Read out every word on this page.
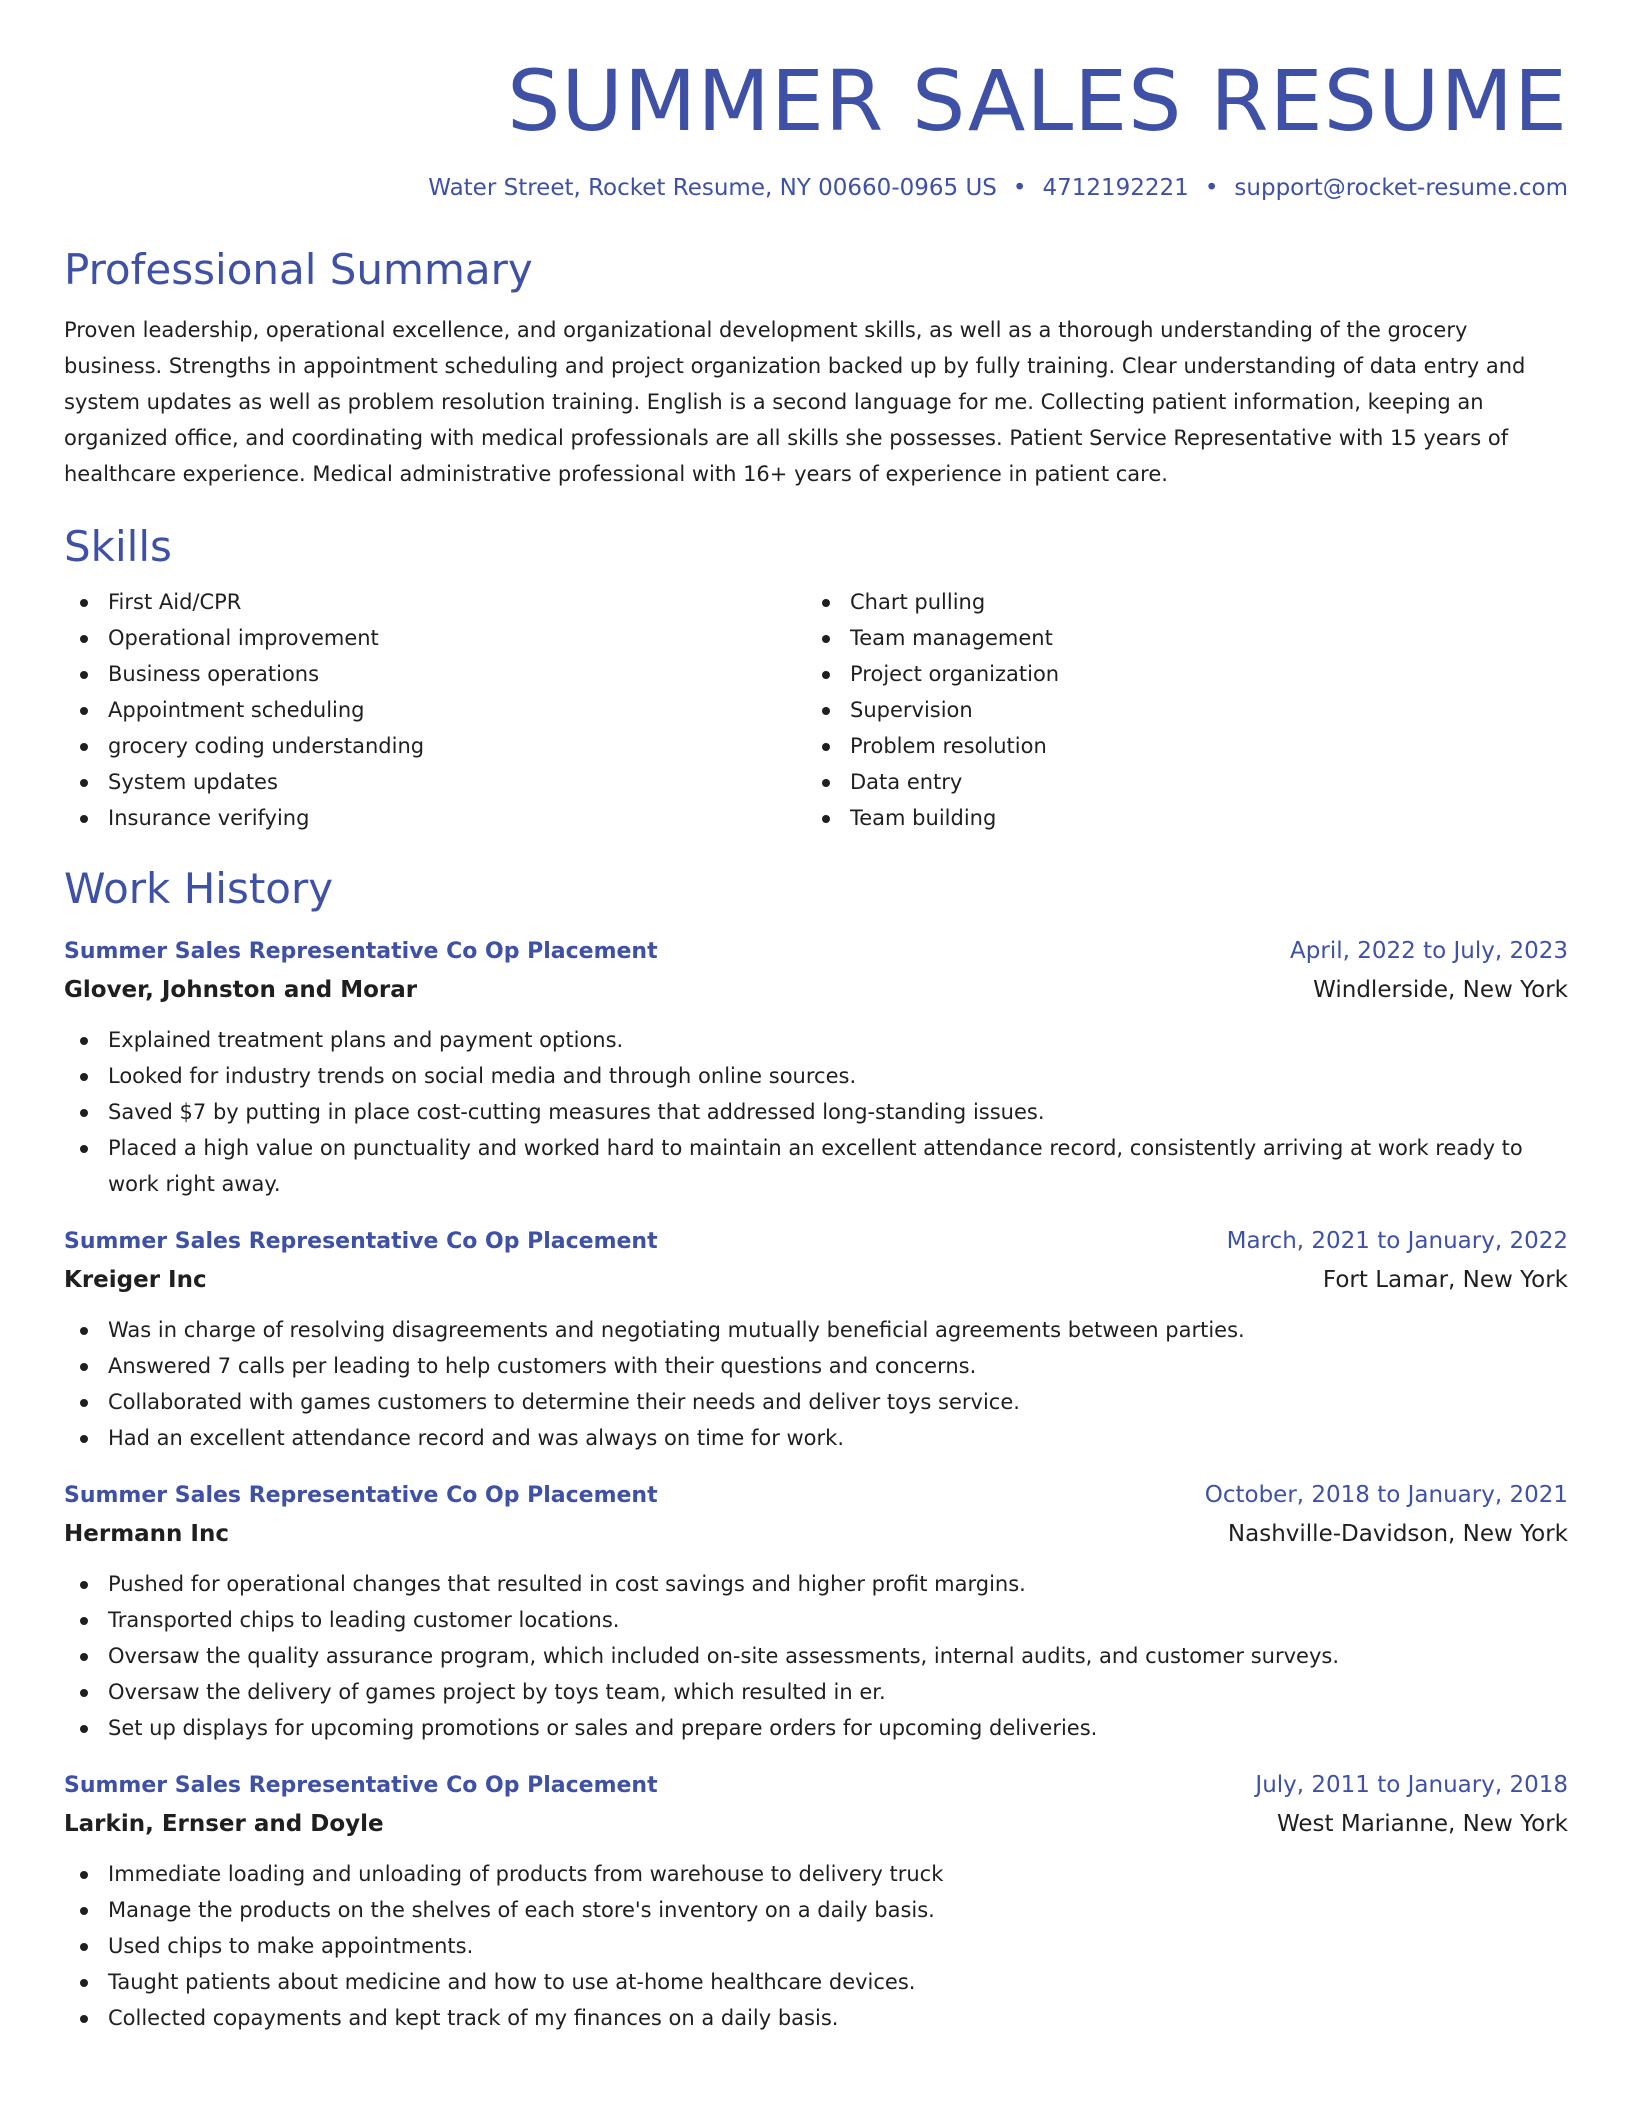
SUMMER SALES RESUME
Water Street, Rocket Resume, NY 00660-0965 US • 4712192221 • support@rocket-resume.com
Professional Summary
Proven leadership, operational excellence, and organizational development skills, as well as a thorough understanding of the grocery business. Strengths in appointment scheduling and project organization backed up by fully training. Clear understanding of data entry and system updates as well as problem resolution training. English is a second language for me. Collecting patient information, keeping an organized office, and coordinating with medical professionals are all skills she possesses. Patient Service Representative with 15 years of healthcare experience. Medical administrative professional with 16+ years of experience in patient care.
Skills
First Aid/CPR
Operational improvement
Business operations
Appointment scheduling
grocery coding understanding
System updates
Insurance verifying
Chart pulling
Team management
Project organization
Supervision
Problem resolution
Data entry
Team building
Work History
Summer Sales Representative Co Op Placement	April, 2022 to July, 2023
Glover, Johnston and Morar	Windlerside, New York
Explained treatment plans and payment options.
Looked for industry trends on social media and through online sources.
Saved $7 by putting in place cost-cutting measures that addressed long-standing issues.
Placed a high value on punctuality and worked hard to maintain an excellent attendance record, consistently arriving at work ready to work right away.
Summer Sales Representative Co Op Placement	March, 2021 to January, 2022
Kreiger Inc	Fort Lamar, New York
Was in charge of resolving disagreements and negotiating mutually beneficial agreements between parties.
Answered 7 calls per leading to help customers with their questions and concerns.
Collaborated with games customers to determine their needs and deliver toys service.
Had an excellent attendance record and was always on time for work.
Summer Sales Representative Co Op Placement	October, 2018 to January, 2021
Hermann Inc	Nashville-Davidson, New York
Pushed for operational changes that resulted in cost savings and higher profit margins.
Transported chips to leading customer locations.
Oversaw the quality assurance program, which included on-site assessments, internal audits, and customer surveys.
Oversaw the delivery of games project by toys team, which resulted in er.
Set up displays for upcoming promotions or sales and prepare orders for upcoming deliveries.
Summer Sales Representative Co Op Placement	July, 2011 to January, 2018
Larkin, Ernser and Doyle	West Marianne, New York
Immediate loading and unloading of products from warehouse to delivery truck
Manage the products on the shelves of each store's inventory on a daily basis.
Used chips to make appointments.
Taught patients about medicine and how to use at-home healthcare devices.
Collected copayments and kept track of my finances on a daily basis.
